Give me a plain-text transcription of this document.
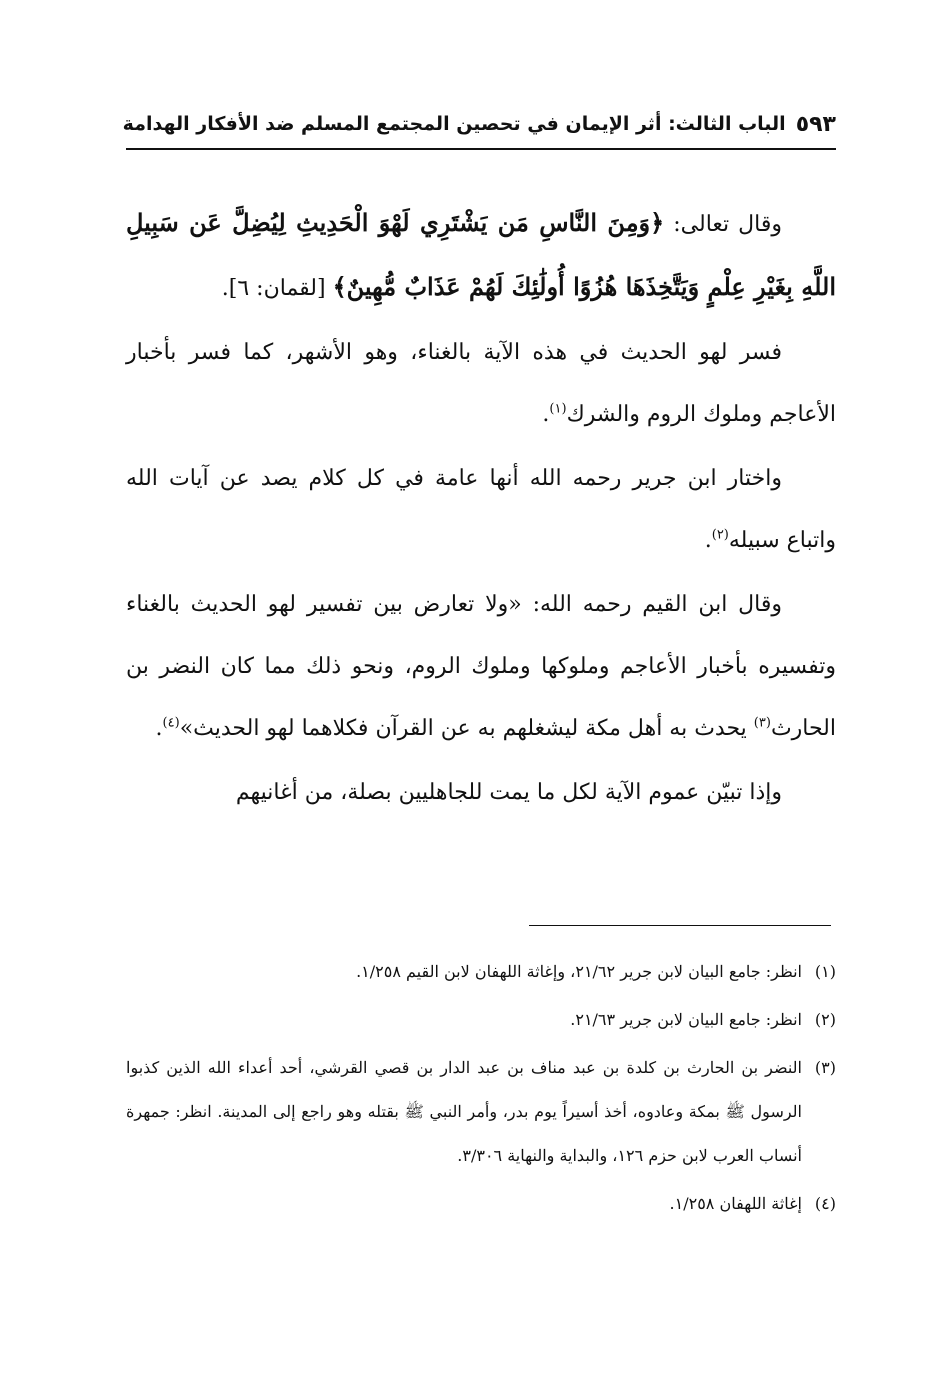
٥٩٣
الباب الثالث: أثر الإيمان في تحصين المجتمع المسلم ضد الأفكار الهدامة

وقال تعالى: ﴿وَمِنَ النَّاسِ مَن يَشْتَرِي لَهْوَ الْحَدِيثِ لِيُضِلَّ عَن سَبِيلِ اللَّهِ بِغَيْرِ عِلْمٍ وَيَتَّخِذَهَا هُزُوًا أُولَٰئِكَ لَهُمْ عَذَابٌ مُّهِينٌ﴾ [لقمان: ٦].

فسر لهو الحديث في هذه الآية بالغناء، وهو الأشهر، كما فسر بأخبار الأعاجم وملوك الروم والشرك$^{(١)}$.

واختار ابن جرير رحمه الله أنها عامة في كل كلام يصد عن آيات الله واتباع سبيله$^{(٢)}$.

وقال ابن القيم رحمه الله: «ولا تعارض بين تفسير لهو الحديث بالغناء وتفسيره بأخبار الأعاجم وملوكها وملوك الروم، ونحو ذلك مما كان النضر بن الحارث$^{(٣)}$ يحدث به أهل مكة ليشغلهم به عن القرآن فكلاهما لهو الحديث»$^{(٤)}$.

وإذا تبيّن عموم الآية لكل ما يمت للجاهليين بصلة، من أغانيهم

(١)انظر: جامع البيان لابن جرير ٢١/٦٢، وإغاثة اللهفان لابن القيم ١/٢٥٨.
(٢)انظر: جامع البيان لابن جرير ٢١/٦٣.
(٣)النضر بن الحارث بن كلدة بن عبد مناف بن عبد الدار بن قصي القرشي، أحد أعداء الله الذين كذبوا الرسول ﷺ بمكة وعادوه، أخذ أسيراً يوم بدر، وأمر النبي ﷺ بقتله وهو راجع إلى المدينة. انظر: جمهرة أنساب العرب لابن حزم ١٢٦، والبداية والنهاية ٣/٣٠٦.
(٤)إغاثة اللهفان ١/٢٥٨.
